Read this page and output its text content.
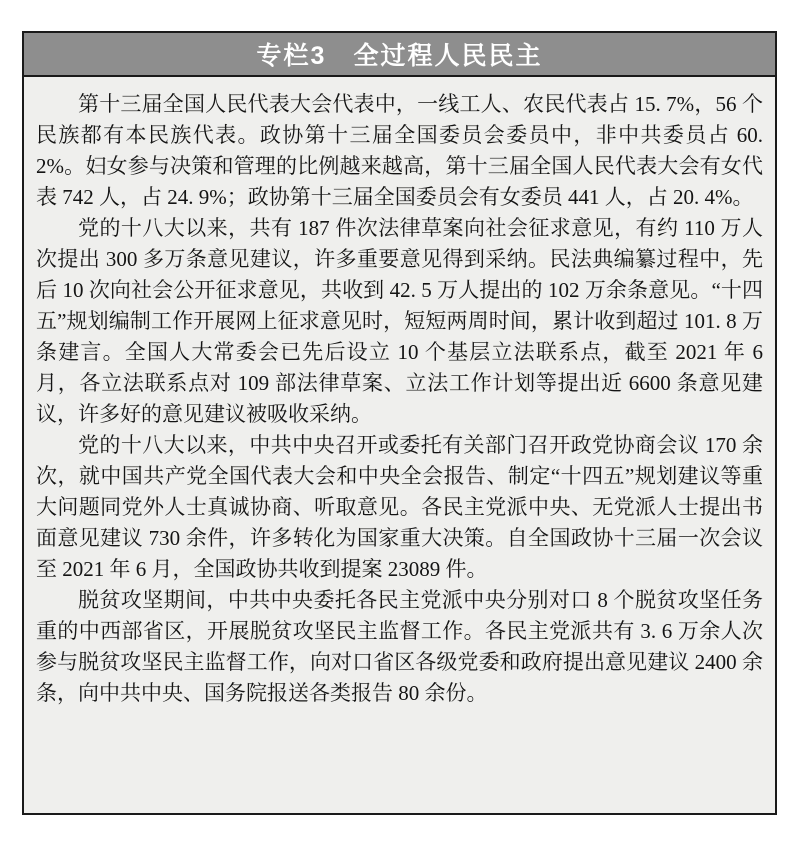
专栏3　全过程人民民主

第十三届全国人民代表大会代表中，一线工人、农民代表占 15. 7%，56 个民族都有本民族代表。政协第十三届全国委员会委员中，非中共委员占 60. 2%。妇女参与决策和管理的比例越来越高，第十三届全国人民代表大会有女代表 742 人，占 24. 9%；政协第十三届全国委员会有女委员 441 人，占 20. 4%。

党的十八大以来，共有 187 件次法律草案向社会征求意见，有约 110 万人次提出 300 多万条意见建议，许多重要意见得到采纳。民法典编纂过程中，先后 10 次向社会公开征求意见，共收到 42. 5 万人提出的 102 万余条意见。“十四五”规划编制工作开展网上征求意见时，短短两周时间，累计收到超过 101. 8 万条建言。全国人大常委会已先后设立 10 个基层立法联系点，截至 2021 年 6 月，各立法联系点对 109 部法律草案、立法工作计划等提出近 6600 条意见建议，许多好的意见建议被吸收采纳。

党的十八大以来，中共中央召开或委托有关部门召开政党协商会议 170 余次，就中国共产党全国代表大会和中央全会报告、制定“十四五”规划建议等重大问题同党外人士真诚协商、听取意见。各民主党派中央、无党派人士提出书面意见建议 730 余件，许多转化为国家重大决策。自全国政协十三届一次会议至 2021 年 6 月，全国政协共收到提案 23089 件。

脱贫攻坚期间，中共中央委托各民主党派中央分别对口 8 个脱贫攻坚任务重的中西部省区，开展脱贫攻坚民主监督工作。各民主党派共有 3. 6 万余人次参与脱贫攻坚民主监督工作，向对口省区各级党委和政府提出意见建议 2400 余条，向中共中央、国务院报送各类报告 80 余份。
